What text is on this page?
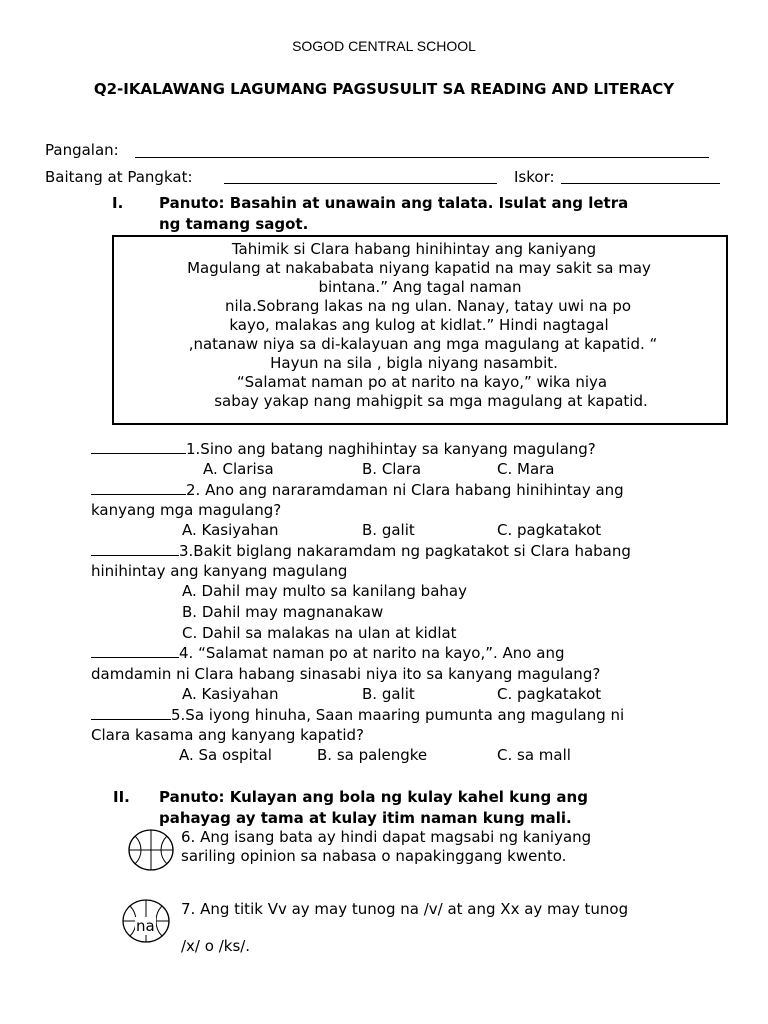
SOGOD CENTRAL SCHOOL
Q2-IKALAWANG LAGUMANG PAGSUSULIT SA READING AND LITERACY
Pangalan:
Baitang at Pangkat:	Iskor:
I. Panuto: Basahin at unawain ang talata. Isulat ang letra
ng tamang sagot.
Tahimik si Clara habang hinihintay ang kaniyang
Magulang at nakababata niyang kapatid na may sakit sa may
bintana.” Ang tagal naman
nila.Sobrang lakas na ng ulan. Nanay, tatay uwi na po
kayo, malakas ang kulog at kidlat.” Hindi nagtagal
,natanaw niya sa di-kalayuan ang mga magulang at kapatid. “
Hayun na sila , bigla niyang nasambit.
“Salamat naman po at narito na kayo,” wika niya
sabay yakap nang mahigpit sa mga magulang at kapatid.
1.Sino ang batang naghihintay sa kanyang magulang?
A. Clarisa	B. Clara	C. Mara
2. Ano ang nararamdaman ni Clara habang hinihintay ang
kanyang mga magulang?
A. Kasiyahan	B. galit	C. pagkatakot
3.Bakit biglang nakaramdam ng pagkatakot si Clara habang
hinihintay ang kanyang magulang
A. Dahil may multo sa kanilang bahay
B. Dahil may magnanakaw
C. Dahil sa malakas na ulan at kidlat
4. “Salamat naman po at narito na kayo,”. Ano ang
damdamin ni Clara habang sinasabi niya ito sa kanyang magulang?
A. Kasiyahan	B. galit	C. pagkatakot
5.Sa iyong hinuha, Saan maaring pumunta ang magulang ni
Clara kasama ang kanyang kapatid?
A. Sa ospital	B. sa palengke	C. sa mall
II. Panuto: Kulayan ang bola ng kulay kahel kung ang
pahayag ay tama at kulay itim naman kung mali.
6. Ang isang bata ay hindi dapat magsabi ng kaniyang
sariling opinion sa nabasa o napakinggang kwento.
na
7. Ang titik Vv ay may tunog na /v/ at ang Xx ay may tunog
/x/ o /ks/.
